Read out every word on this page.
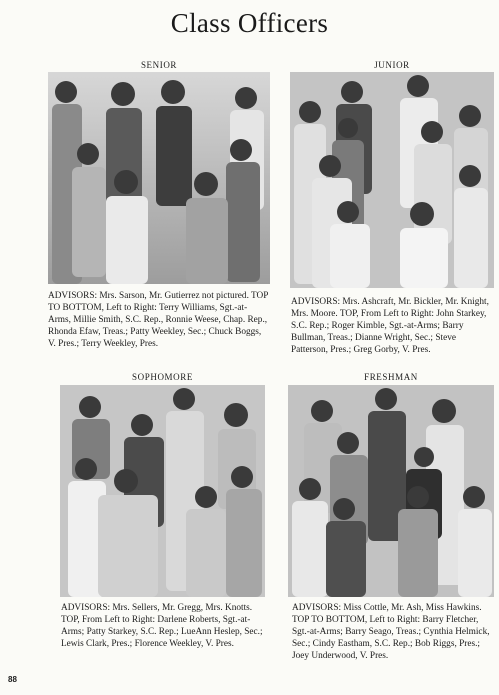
Class Officers
SENIOR
ADVISORS: Mrs. Sarson, Mr. Gutierrez not pictured. TOP TO BOTTOM, Left to Right: Terry Williams, Sgt.-at-Arms, Millie Smith, S.C. Rep., Ronnie Weese, Chap. Rep., Rhonda Efaw, Treas.; Patty Weekley, Sec.; Chuck Boggs, V. Pres.; Terry Weekley, Pres.
JUNIOR
ADVISORS: Mrs. Ashcraft, Mr. Bickler, Mr. Knight, Mrs. Moore. TOP, From Left to Right: John Starkey, S.C. Rep.; Roger Kimble, Sgt.-at-Arms; Barry Bullman, Treas.; Dianne Wright, Sec.; Steve Patterson, Pres.; Greg Gorby, V. Pres.
SOPHOMORE
ADVISORS: Mrs. Sellers, Mr. Gregg, Mrs. Knotts. TOP, From Left to Right: Darlene Roberts, Sgt.-at-Arms; Patty Starkey, S.C. Rep.; LueAnn Heslep, Sec.; Lewis Clark, Pres.; Florence Weekley, V. Pres.
FRESHMAN
ADVISORS: Miss Cottle, Mr. Ash, Miss Hawkins. TOP TO BOTTOM, Left to Right: Barry Fletcher, Sgt.-at-Arms; Barry Seago, Treas.; Cynthia Helmick, Sec.; Cindy Eastham, S.C. Rep.; Bob Riggs, Pres.; Joey Underwood, V. Pres.
88
